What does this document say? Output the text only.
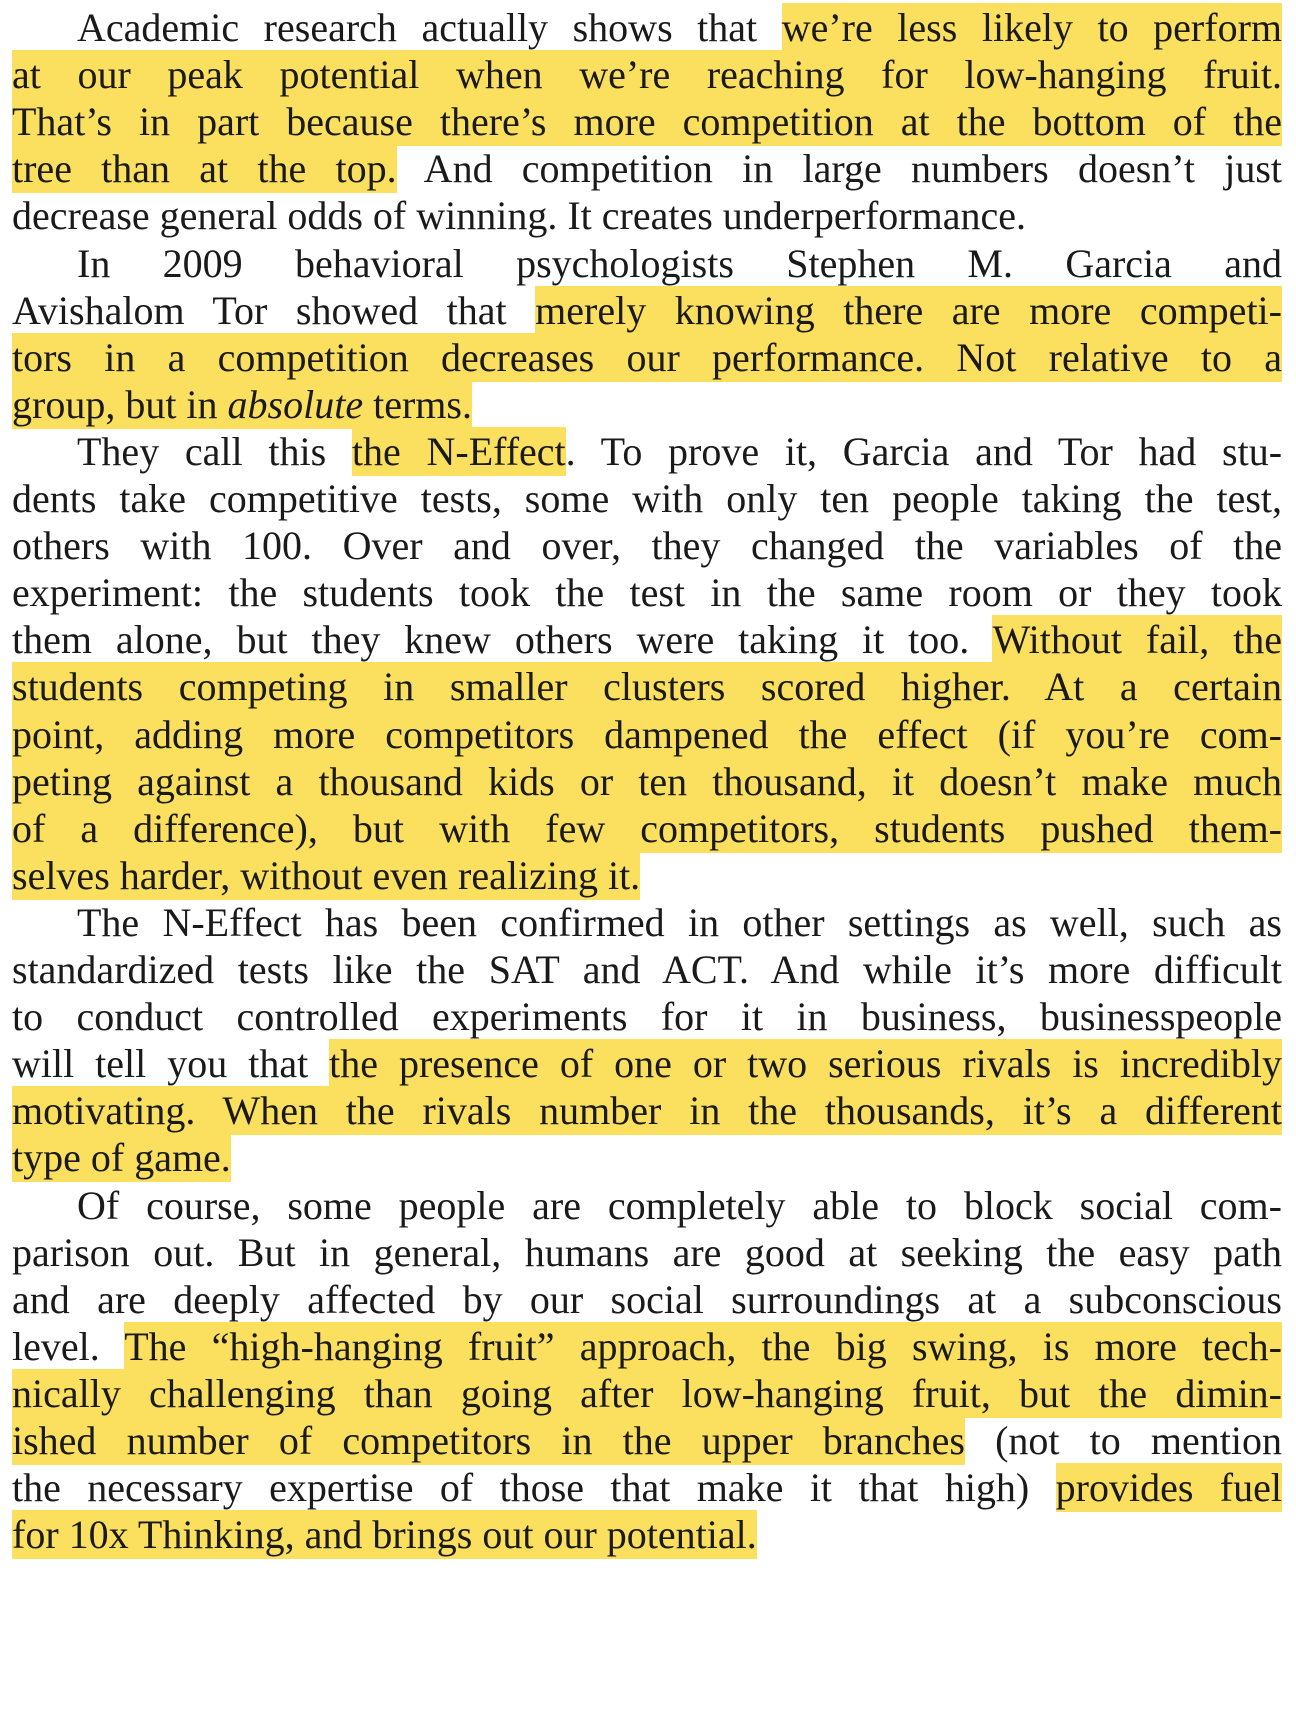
Academic research actually shows that we’re less likely to perform
at our peak potential when we’re reaching for low-hanging fruit.
That’s in part because there’s more competition at the bottom of the
tree than at the top. And competition in large numbers doesn’t just
decrease general odds of winning. It creates underperformance.
In 2009 behavioral psychologists Stephen M. Garcia and
Avishalom Tor showed that merely knowing there are more competi-
tors in a competition decreases our performance. Not relative to a
group, but in absolute terms.
They call this the N-Effect. To prove it, Garcia and Tor had stu-
dents take competitive tests, some with only ten people taking the test,
others with 100. Over and over, they changed the variables of the
experiment: the students took the test in the same room or they took
them alone, but they knew others were taking it too. Without fail, the
students competing in smaller clusters scored higher. At a certain
point, adding more competitors dampened the effect (if you’re com-
peting against a thousand kids or ten thousand, it doesn’t make much
of a difference), but with few competitors, students pushed them-
selves harder, without even realizing it.
The N-Effect has been confirmed in other settings as well, such as
standardized tests like the SAT and ACT. And while it’s more difficult
to conduct controlled experiments for it in business, businesspeople
will tell you that the presence of one or two serious rivals is incredibly
motivating. When the rivals number in the thousands, it’s a different
type of game.
Of course, some people are completely able to block social com-
parison out. But in general, humans are good at seeking the easy path
and are deeply affected by our social surroundings at a subconscious
level. The “high-hanging fruit” approach, the big swing, is more tech-
nically challenging than going after low-hanging fruit, but the dimin-
ished number of competitors in the upper branches (not to mention
the necessary expertise of those that make it that high) provides fuel
for 10x Thinking, and brings out our potential.
